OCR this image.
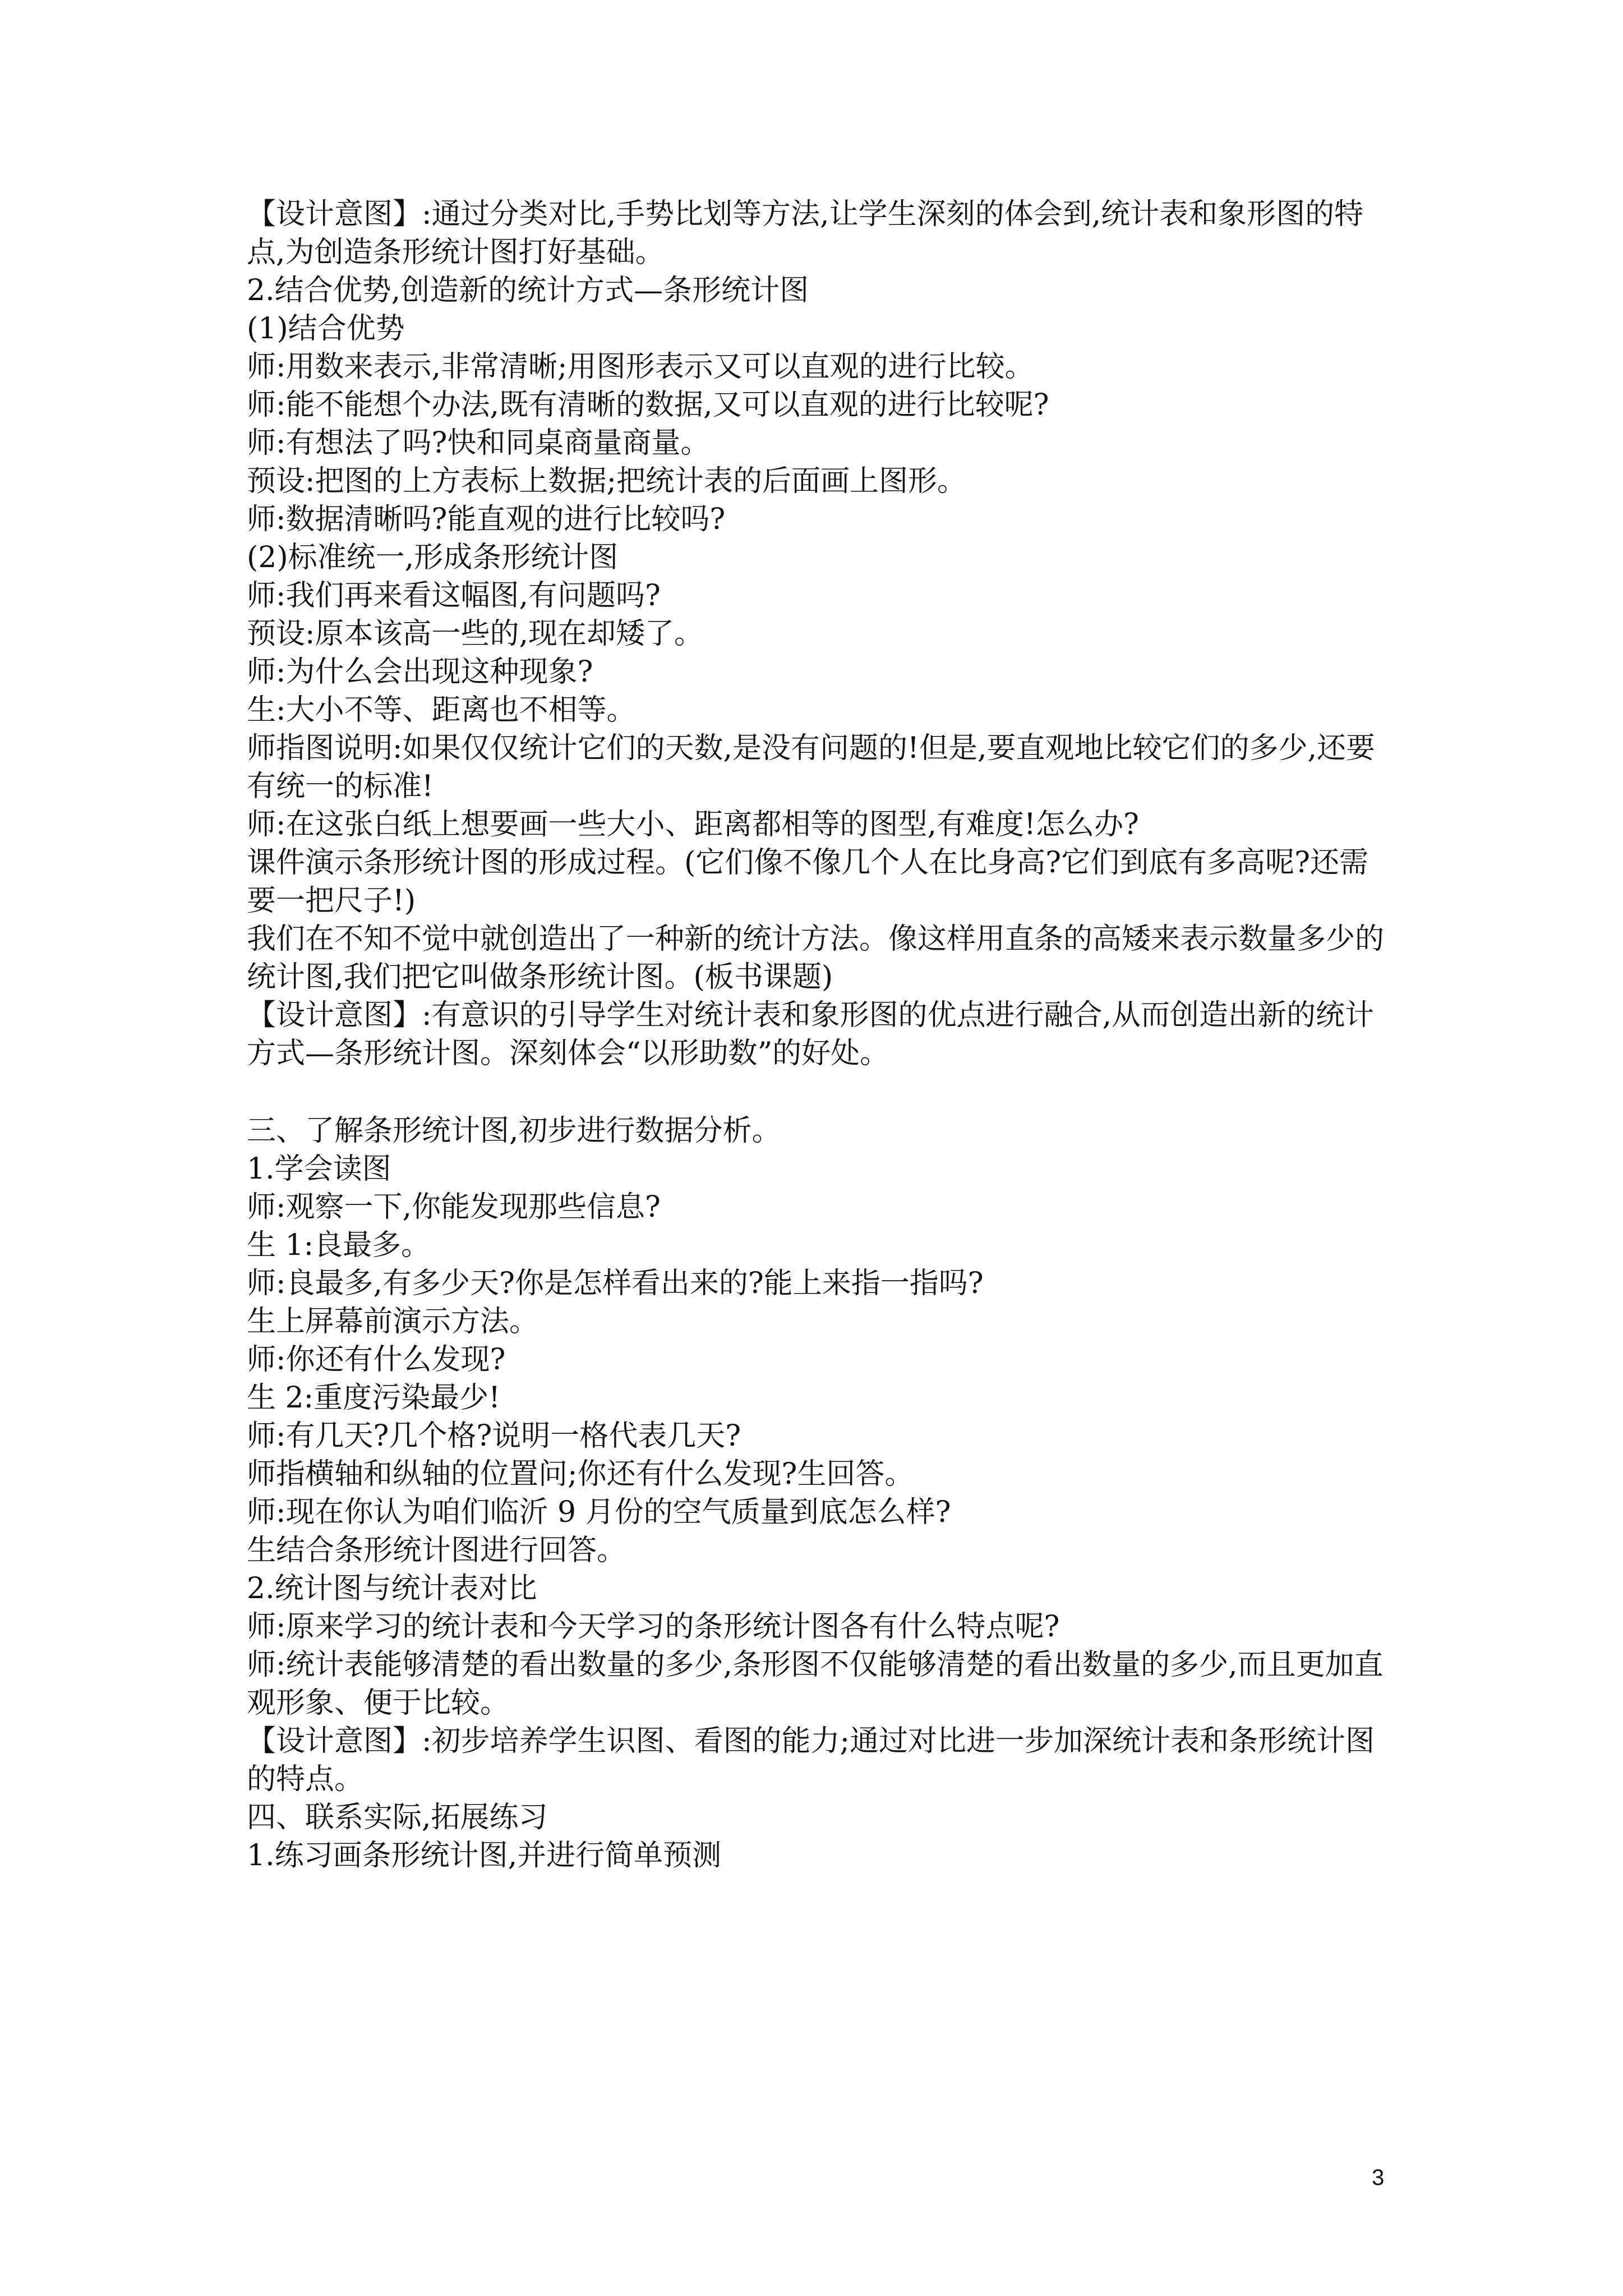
【设计意图】:通过分类对比,手势比划等方法,让学生深刻的体会到,统计表和象形图的特点,为创造条形统计图打好基础。

2.结合优势,创造新的统计方式—条形统计图

(1)结合优势

师:用数来表示,非常清晰;用图形表示又可以直观的进行比较。

师:能不能想个办法,既有清晰的数据,又可以直观的进行比较呢?

师:有想法了吗?快和同桌商量商量。

预设:把图的上方表标上数据;把统计表的后面画上图形。

师:数据清晰吗?能直观的进行比较吗?

(2)标准统一,形成条形统计图

师:我们再来看这幅图,有问题吗?

预设:原本该高一些的,现在却矮了。

师:为什么会出现这种现象?

生:大小不等、距离也不相等。

师指图说明:如果仅仅统计它们的天数,是没有问题的!但是,要直观地比较它们的多少,还要有统一的标准!

师:在这张白纸上想要画一些大小、距离都相等的图型,有难度!怎么办?

课件演示条形统计图的形成过程。(它们像不像几个人在比身高?它们到底有多高呢?还需要一把尺子!)

我们在不知不觉中就创造出了一种新的统计方法。像这样用直条的高矮来表示数量多少的统计图,我们把它叫做条形统计图。(板书课题)

【设计意图】:有意识的引导学生对统计表和象形图的优点进行融合,从而创造出新的统计方式—条形统计图。深刻体会“以形助数”的好处。

三、了解条形统计图,初步进行数据分析。

1.学会读图

师:观察一下,你能发现那些信息?

生 1:良最多。

师:良最多,有多少天?你是怎样看出来的?能上来指一指吗?

生上屏幕前演示方法。

师:你还有什么发现?

生 2:重度污染最少!

师:有几天?几个格?说明一格代表几天?

师指横轴和纵轴的位置问;你还有什么发现?生回答。

师:现在你认为咱们临沂 9 月份的空气质量到底怎么样?

生结合条形统计图进行回答。

2.统计图与统计表对比

师:原来学习的统计表和今天学习的条形统计图各有什么特点呢?

师:统计表能够清楚的看出数量的多少,条形图不仅能够清楚的看出数量的多少,而且更加直观形象、便于比较。

【设计意图】:初步培养学生识图、看图的能力;通过对比进一步加深统计表和条形统计图的特点。

四、联系实际,拓展练习

1.练习画条形统计图,并进行简单预测

3
